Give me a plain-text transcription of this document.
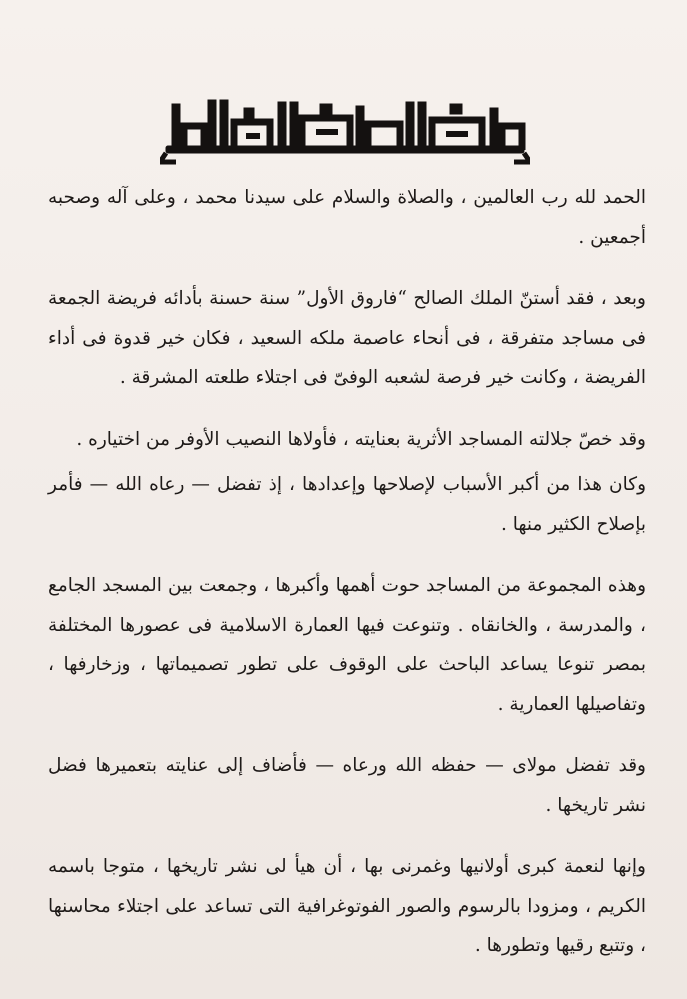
الحمد لله رب العالمين ، والصلاة والسلام على سيدنا محمد ، وعلى آله وصحبه أجمعين .

وبعد ، فقد أستنّ الملك الصالح “فاروق الأول” سنة حسنة بأدائه فريضة الجمعة فى مساجد متفرقة ، فى أنحاء عاصمة ملكه السعيد ، فكان خير قدوة فى أداء الفريضة ، وكانت خير فرصة لشعبه الوفىّ فى اجتلاء طلعته المشرقة .

وقد خصّ جلالته المساجد الأثرية بعنايته ، فأولاها النصيب الأوفر من اختياره .

وكان هذا من أكبر الأسباب لإصلاحها وإعدادها ، إذ تفضل — رعاه الله — فأمر بإصلاح الكثير منها .

وهذه المجموعة من المساجد حوت أهمها وأكبرها ، وجمعت بين المسجد الجامع ، والمدرسة ، والخانقاه . وتنوعت فيها العمارة الاسلامية فى عصورها المختلفة بمصر تنوعا يساعد الباحث على الوقوف على تطور تصميماتها ، وزخارفها ، وتفاصيلها العمارية .

وقد تفضل مولاى — حفظه الله ورعاه — فأضاف إلى عنايته بتعميرها فضل نشر تاريخها .

وإنها لنعمة كبرى أولانيها وغمرنى بها ، أن هيأ لى نشر تاريخها ، متوجا باسمه الكريم ، ومزودا بالرسوم والصور الفوتوغرافية التى تساعد على اجتلاء محاسنها ، وتتبع رقيها وتطورها .
